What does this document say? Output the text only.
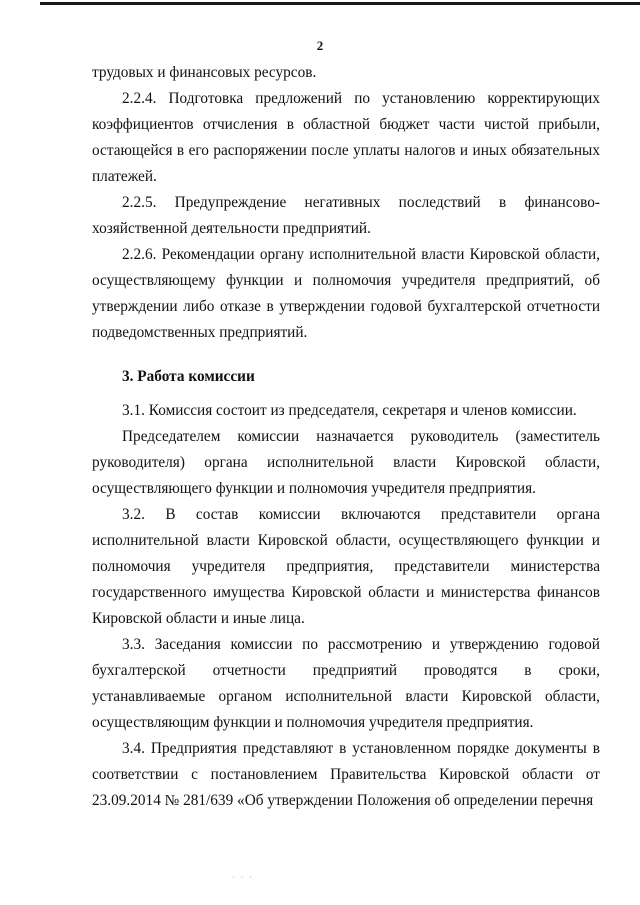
2

трудовых и финансовых ресурсов.

2.2.4. Подготовка предложений по установлению корректирующих коэффициентов отчисления в областной бюджет части чистой прибыли, остающейся в его распоряжении после уплаты налогов и иных обязательных платежей.

2.2.5. Предупреждение негативных последствий в финансово-хозяйственной деятельности предприятий.

2.2.6. Рекомендации органу исполнительной власти Кировской области, осуществляющему функции и полномочия учредителя предприятий, об утверждении либо отказе в утверждении годовой бухгалтерской отчетности подведомственных предприятий.

3. Работа комиссии

3.1. Комиссия состоит из председателя, секретаря и членов комиссии.

Председателем комиссии назначается руководитель (заместитель руководителя) органа исполнительной власти Кировской области, осуществляющего функции и полномочия учредителя предприятия.

3.2. В состав комиссии включаются представители органа исполнительной власти Кировской области, осуществляющего функции и полномочия учредителя предприятия, представители министерства государственного имущества Кировской области и министерства финансов Кировской области и иные лица.

3.3. Заседания комиссии по рассмотрению и утверждению годовой бухгалтерской отчетности предприятий проводятся в сроки, устанавливаемые органом исполнительной власти Кировской области, осуществляющим функции и полномочия учредителя предприятия.

3.4. Предприятия представляют в установленном порядке документы в соответствии с постановлением Правительства Кировской области от 23.09.2014 № 281/639 «Об утверждении Положения об определении перечня

· · ·
